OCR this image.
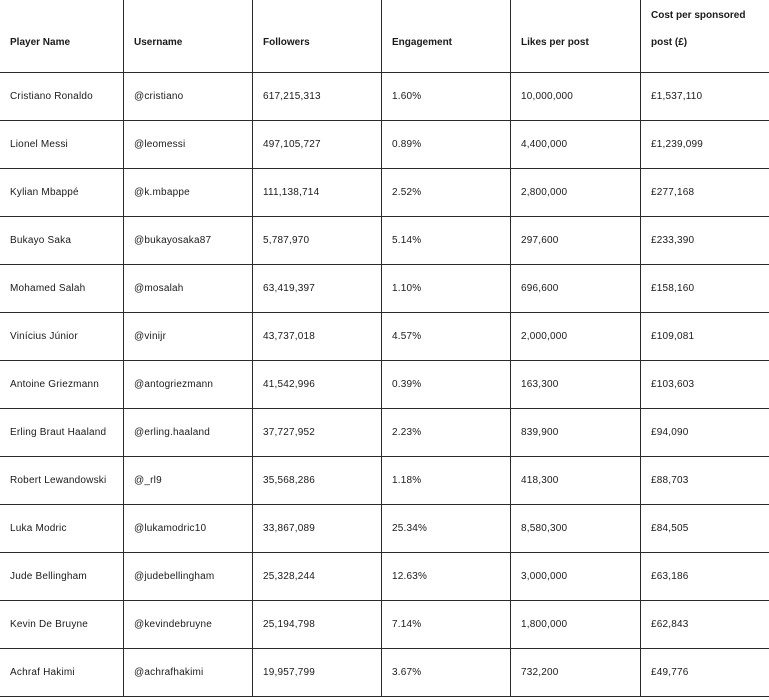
Player Name	Username	Followers	Engagement	Likes per post	Cost per sponsored post (£)
Cristiano Ronaldo	@cristiano	617,215,313	1.60%	10,000,000	£1,537,110
Lionel Messi	@leomessi	497,105,727	0.89%	4,400,000	£1,239,099
Kylian Mbappé	@k.mbappe	111,138,714	2.52%	2,800,000	£277,168
Bukayo Saka	@bukayosaka87	5,787,970	5.14%	297,600	£233,390
Mohamed Salah	@mosalah	63,419,397	1.10%	696,600	£158,160
Vinícius Júnior	@vinijr	43,737,018	4.57%	2,000,000	£109,081
Antoine Griezmann	@antogriezmann	41,542,996	0.39%	163,300	£103,603
Erling Braut Haaland	@erling.haaland	37,727,952	2.23%	839,900	£94,090
Robert Lewandowski	@_rl9	35,568,286	1.18%	418,300	£88,703
Luka Modric	@lukamodric10	33,867,089	25.34%	8,580,300	£84,505
Jude Bellingham	@judebellingham	25,328,244	12.63%	3,000,000	£63,186
Kevin De Bruyne	@kevindebruyne	25,194,798	7.14%	1,800,000	£62,843
Achraf Hakimi	@achrafhakimi	19,957,799	3.67%	732,200	£49,776
